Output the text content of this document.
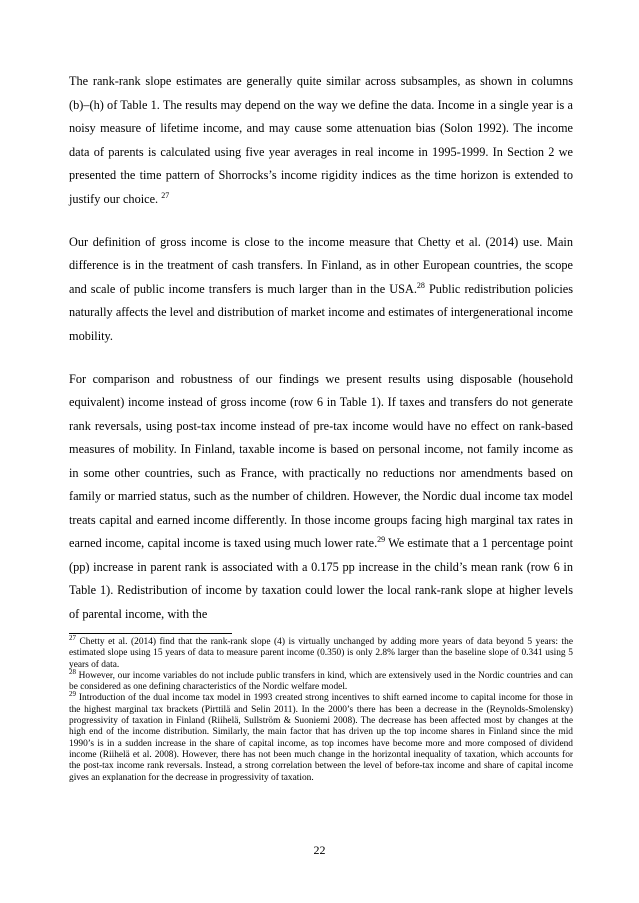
The rank-rank slope estimates are generally quite similar across subsamples, as shown in columns (b)–(h) of Table 1. The results may depend on the way we define the data. Income in a single year is a noisy measure of lifetime income, and may cause some attenuation bias (Solon 1992). The income data of parents is calculated using five year averages in real income in 1995-1999. In Section 2 we presented the time pattern of Shorrocks’s income rigidity indices as the time horizon is extended to justify our choice. $^{27}$

Our definition of gross income is close to the income measure that Chetty et al. (2014) use. Main difference is in the treatment of cash transfers. In Finland, as in other European countries, the scope and scale of public income transfers is much larger than in the USA.$^{28}$ Public redistribution policies naturally affects the level and distribution of market income and estimates of intergenerational income mobility.

For comparison and robustness of our findings we present results using disposable (household equivalent) income instead of gross income (row 6 in Table 1). If taxes and transfers do not generate rank reversals, using post-tax income instead of pre-tax income would have no effect on rank-based measures of mobility. In Finland, taxable income is based on personal income, not family income as in some other countries, such as France, with practically no reductions nor amendments based on family or married status, such as the number of children. However, the Nordic dual income tax model treats capital and earned income differently. In those income groups facing high marginal tax rates in earned income, capital income is taxed using much lower rate.$^{29}$ We estimate that a 1 percentage point (pp) increase in parent rank is associated with a 0.175 pp increase in the child’s mean rank (row 6 in Table 1). Redistribution of income by taxation could lower the local rank-rank slope at higher levels of parental income, with the

$^{27}$ Chetty et al. (2014) find that the rank-rank slope (4) is virtually unchanged by adding more years of data beyond 5 years: the estimated slope using 15 years of data to measure parent income (0.350) is only 2.8% larger than the baseline slope of 0.341 using 5 years of data.

$^{28}$ However, our income variables do not include public transfers in kind, which are extensively used in the Nordic countries and can be considered as one defining characteristics of the Nordic welfare model.

$^{29}$ Introduction of the dual income tax model in 1993 created strong incentives to shift earned income to capital income for those in the highest marginal tax brackets (Pirttilä and Selin 2011). In the 2000’s there has been a decrease in the (Reynolds-Smolensky) progressivity of taxation in Finland (Riihelä, Sullström & Suoniemi 2008). The decrease has been affected most by changes at the high end of the income distribution. Similarly, the main factor that has driven up the top income shares in Finland since the mid 1990’s is in a sudden increase in the share of capital income, as top incomes have become more and more composed of dividend income (Riihelä et al. 2008). However, there has not been much change in the horizontal inequality of taxation, which accounts for the post-tax income rank reversals. Instead, a strong correlation between the level of before-tax income and share of capital income gives an explanation for the decrease in progressivity of taxation.

22
